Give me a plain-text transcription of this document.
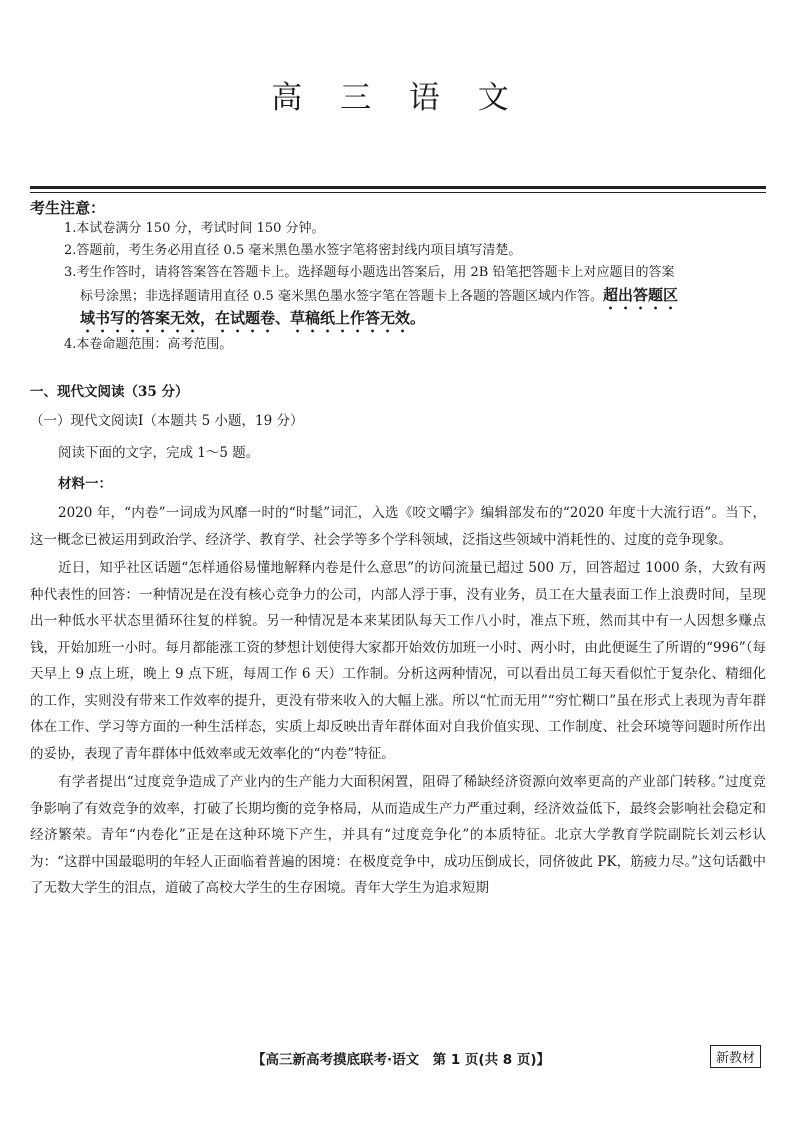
高 三 语 文
考生注意：
1.本试卷满分 150 分，考试时间 150 分钟。
2.答题前，考生务必用直径 0.5 毫米黑色墨水签字笔将密封线内项目填写清楚。
3.考生作答时，请将答案答在答题卡上。选择题每小题选出答案后，用 2B 铅笔把答题卡上对应题目的答案
标号涂黑；非选择题请用直径 0.5 毫米黑色墨水签字笔在答题卡上各题的答题区域内作答。超出答题区
域书写的答案无效，在试题卷、草稿纸上作答无效。
4.本卷命题范围：高考范围。
一、现代文阅读（35 分）
（一）现代文阅读Ⅰ（本题共 5 小题，19 分）
阅读下面的文字，完成 1～5 题。
材料一：

2020 年，“内卷”一词成为风靡一时的“时髦”词汇，入选《咬文嚼字》编辑部发布的“2020 年度十大流行语”。当下，这一概念已被运用到政治学、经济学、教育学、社会学等多个学科领域，泛指这些领域中消耗性的、过度的竞争现象。

近日，知乎社区话题“怎样通俗易懂地解释内卷是什么意思”的访问流量已超过 500 万，回答超过 1000 条，大致有两种代表性的回答：一种情况是在没有核心竞争力的公司，内部人浮于事，没有业务，员工在大量表面工作上浪费时间，呈现出一种低水平状态里循环往复的样貌。另一种情况是本来某团队每天工作八小时，准点下班，然而其中有一人因想多赚点钱，开始加班一小时。每月都能涨工资的梦想计划使得大家都开始效仿加班一小时、两小时，由此便诞生了所谓的“996”（每天早上 9 点上班，晚上 9 点下班，每周工作 6 天）工作制。分析这两种情况，可以看出员工每天看似忙于复杂化、精细化的工作，实则没有带来工作效率的提升，更没有带来收入的大幅上涨。所以“忙而无用”“穷忙糊口”虽在形式上表现为青年群体在工作、学习等方面的一种生活样态，实质上却反映出青年群体面对自我价值实现、工作制度、社会环境等问题时所作出的妥协，表现了青年群体中低效率或无效率化的“内卷”特征。

有学者提出“过度竞争造成了产业内的生产能力大面积闲置，阻碍了稀缺经济资源向效率更高的产业部门转移。”过度竞争影响了有效竞争的效率，打破了长期均衡的竞争格局，从而造成生产力严重过剩，经济效益低下，最终会影响社会稳定和经济繁荣。青年“内卷化”正是在这种环境下产生，并具有“过度竞争化”的本质特征。北京大学教育学院副院长刘云杉认为：“这群中国最聪明的年轻人正面临着普遍的困境：在极度竞争中，成功压倒成长，同侪彼此 PK，筋疲力尽。”这句话戳中了无数大学生的泪点，道破了高校大学生的生存困境。青年大学生为追求短期

【高三新高考摸底联考·语文　第 1 页(共 8 页)】	新教材
